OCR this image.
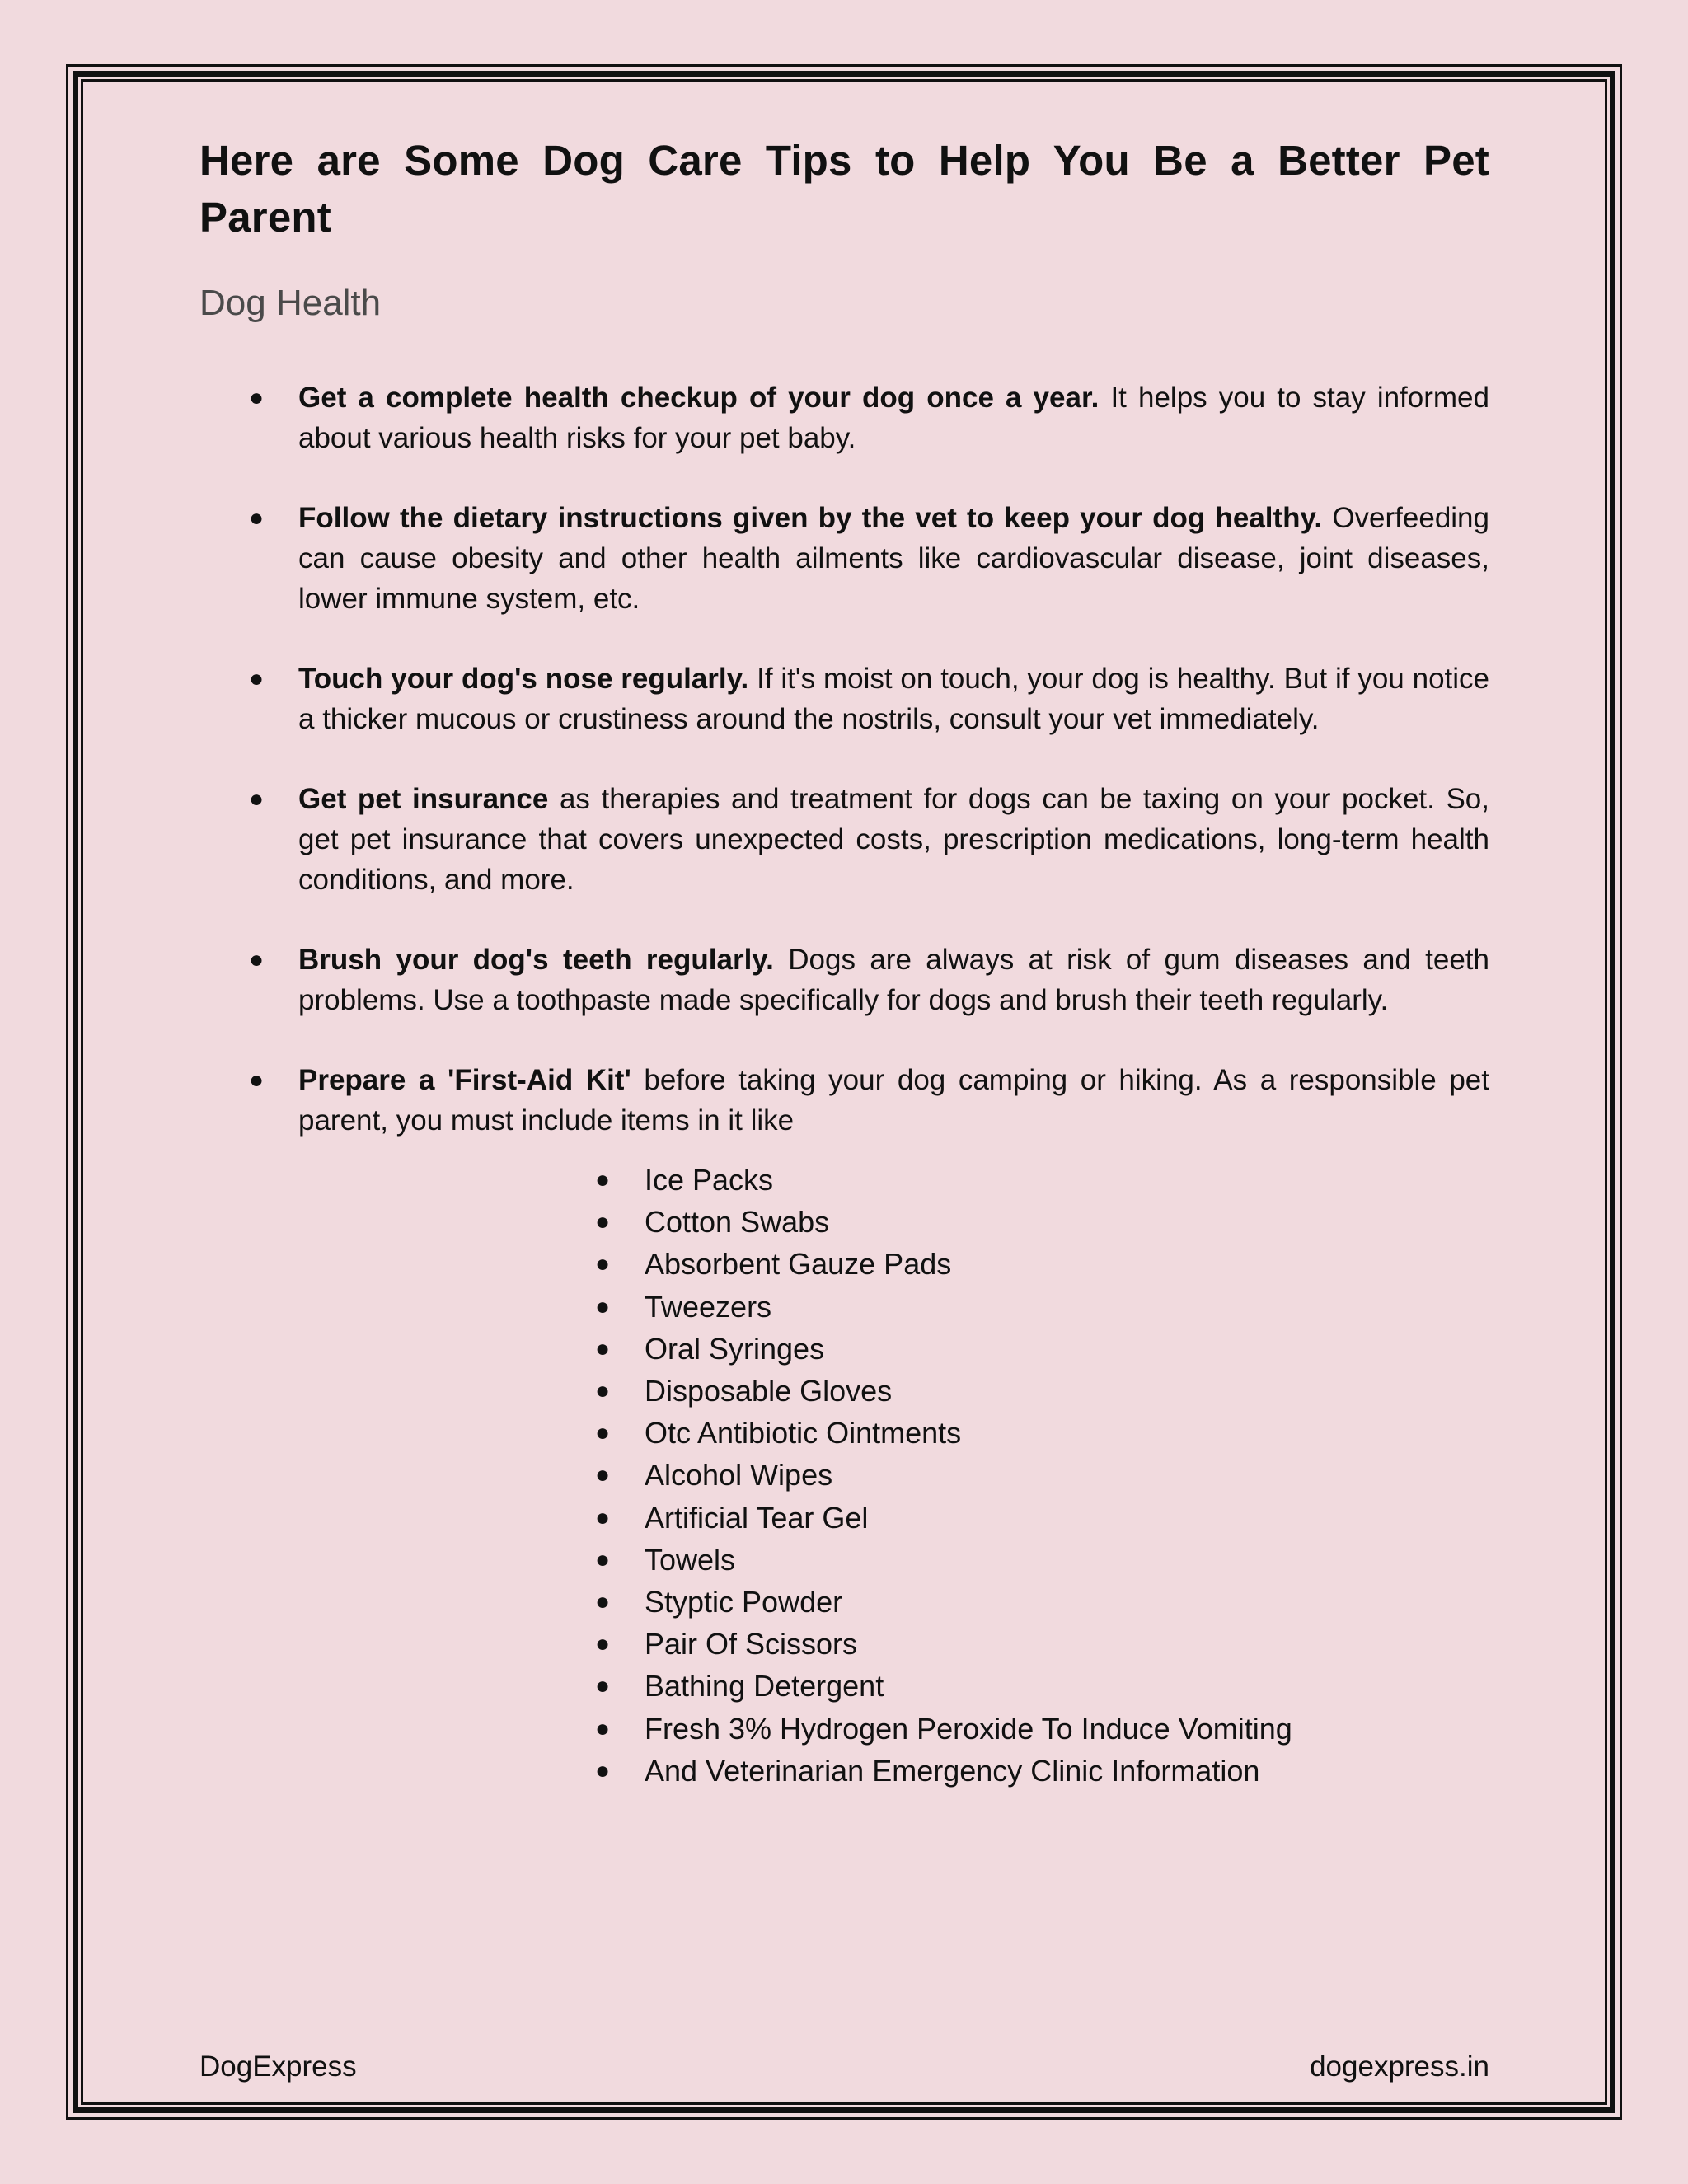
Here are Some Dog Care Tips to Help You Be a Better Pet Parent
Dog Health
● Get a complete health checkup of your dog once a year. It helps you to stay informed about various health risks for your pet baby.
● Follow the dietary instructions given by the vet to keep your dog healthy. Overfeeding can cause obesity and other health ailments like cardiovascular disease, joint diseases, lower immune system, etc.
● Touch your dog's nose regularly. If it's moist on touch, your dog is healthy. But if you notice a thicker mucous or crustiness around the nostrils, consult your vet immediately.
● Get pet insurance as therapies and treatment for dogs can be taxing on your pocket. So, get pet insurance that covers unexpected costs, prescription medications, long-term health conditions, and more.
● Brush your dog's teeth regularly. Dogs are always at risk of gum diseases and teeth problems. Use a toothpaste made specifically for dogs and brush their teeth regularly.
● Prepare a 'First-Aid Kit' before taking your dog camping or hiking. As a responsible pet parent, you must include items in it like
● Ice Packs
● Cotton Swabs
● Absorbent Gauze Pads
● Tweezers
● Oral Syringes
● Disposable Gloves
● Otc Antibiotic Ointments
● Alcohol Wipes
● Artificial Tear Gel
● Towels
● Styptic Powder
● Pair Of Scissors
● Bathing Detergent
● Fresh 3% Hydrogen Peroxide To Induce Vomiting
● And Veterinarian Emergency Clinic Information
DogExpress	dogexpress.in
